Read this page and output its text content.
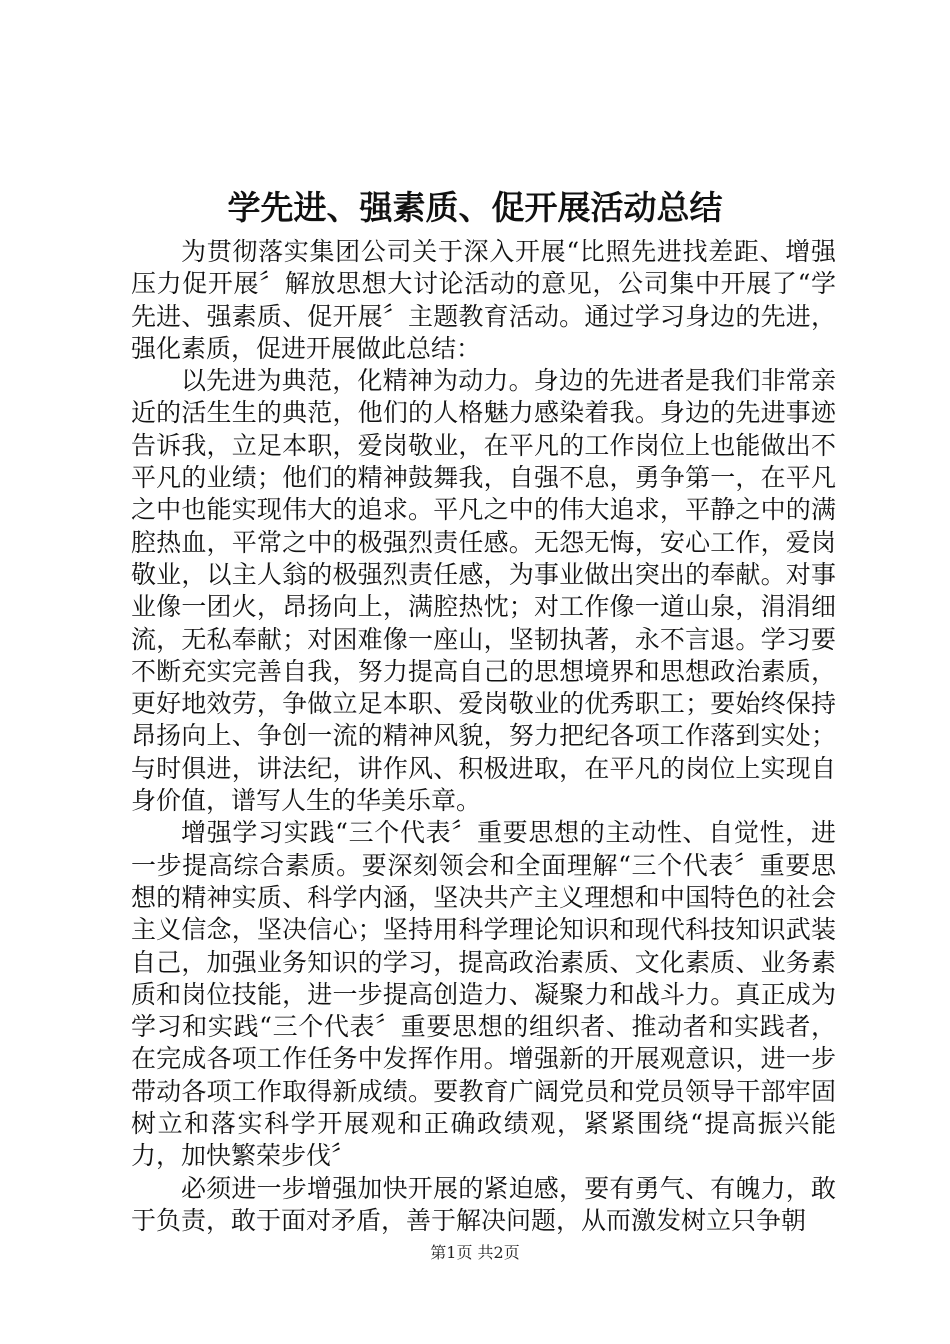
学先进、强素质、促开展活动总结

为贯彻落实集团公司关于深入开展“比照先进找差距、增强压力促开展〞解放思想大讨论活动的意见，公司集中开展了“学先进、强素质、促开展〞主题教育活动。通过学习身边的先进，强化素质，促进开展做此总结：

以先进为典范，化精神为动力。身边的先进者是我们非常亲近的活生生的典范，他们的人格魅力感染着我。身边的先进事迹告诉我，立足本职，爱岗敬业，在平凡的工作岗位上也能做出不平凡的业绩；他们的精神鼓舞我，自强不息，勇争第一，在平凡之中也能实现伟大的追求。平凡之中的伟大追求，平静之中的满腔热血，平常之中的极强烈责任感。无怨无悔，安心工作，爱岗敬业，以主人翁的极强烈责任感，为事业做出突出的奉献。对事业像一团火，昂扬向上，满腔热忱；对工作像一道山泉，涓涓细流，无私奉献；对困难像一座山，坚韧执著，永不言退。学习要不断充实完善自我，努力提高自己的思想境界和思想政治素质，更好地效劳，争做立足本职、爱岗敬业的优秀职工；要始终保持昂扬向上、争创一流的精神风貌，努力把纪各项工作落到实处；与时俱进，讲法纪，讲作风、积极进取，在平凡的岗位上实现自身价值，谱写人生的华美乐章。

增强学习实践“三个代表〞重要思想的主动性、自觉性，进一步提高综合素质。要深刻领会和全面理解“三个代表〞重要思想的精神实质、科学内涵，坚决共产主义理想和中国特色的社会主义信念，坚决信心；坚持用科学理论知识和现代科技知识武装自己，加强业务知识的学习，提高政治素质、文化素质、业务素质和岗位技能，进一步提高创造力、凝聚力和战斗力。真正成为学习和实践“三个代表〞重要思想的组织者、推动者和实践者，在完成各项工作任务中发挥作用。增强新的开展观意识，进一步带动各项工作取得新成绩。要教育广阔党员和党员领导干部牢固树立和落实科学开展观和正确政绩观，紧紧围绕“提高振兴能力，加快繁荣步伐〞

必须进一步增强加快开展的紧迫感，要有勇气、有魄力，敢于负责，敢于面对矛盾，善于解决问题，从而激发树立只争朝

第1页 共2页
